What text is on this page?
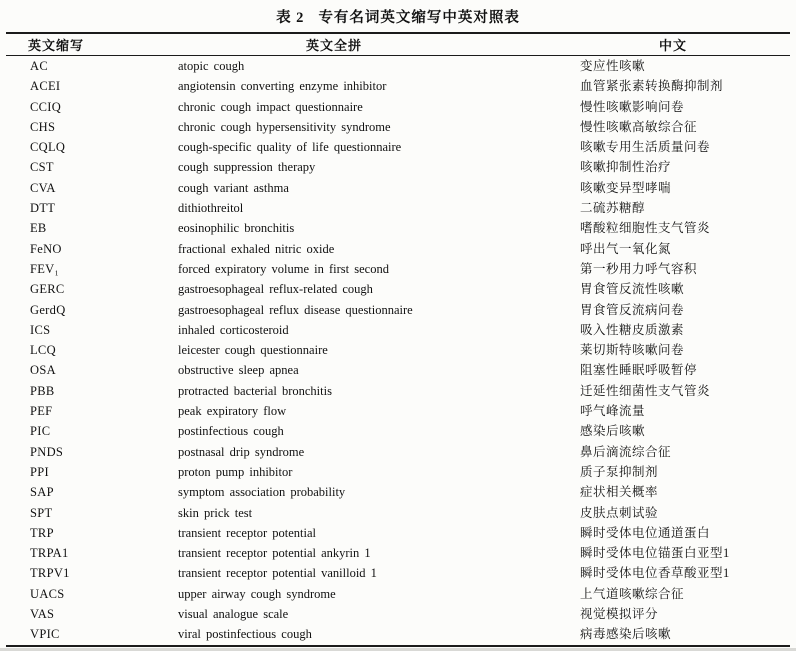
表 2 专有名词英文缩写中英对照表
英文缩写	英文全拼	中文
AC	atopic cough	变应性咳嗽
ACEI	angiotensin converting enzyme inhibitor	血管紧张素转换酶抑制剂
CCIQ	chronic cough impact questionnaire	慢性咳嗽影响问卷
CHS	chronic cough hypersensitivity syndrome	慢性咳嗽高敏综合征
CQLQ	cough-specific quality of life questionnaire	咳嗽专用生活质量问卷
CST	cough suppression therapy	咳嗽抑制性治疗
CVA	cough variant asthma	咳嗽变异型哮喘
DTT	dithiothreitol	二硫苏糖醇
EB	eosinophilic bronchitis	嗜酸粒细胞性支气管炎
FeNO	fractional exhaled nitric oxide	呼出气一氧化氮
FEV₁	forced expiratory volume in first second	第一秒用力呼气容积
GERC	gastroesophageal reflux-related cough	胃食管反流性咳嗽
GerdQ	gastroesophageal reflux disease questionnaire	胃食管反流病问卷
ICS	inhaled corticosteroid	吸入性糖皮质激素
LCQ	leicester cough questionnaire	莱切斯特咳嗽问卷
OSA	obstructive sleep apnea	阻塞性睡眠呼吸暂停
PBB	protracted bacterial bronchitis	迁延性细菌性支气管炎
PEF	peak expiratory flow	呼气峰流量
PIC	postinfectious cough	感染后咳嗽
PNDS	postnasal drip syndrome	鼻后滴流综合征
PPI	proton pump inhibitor	质子泵抑制剂
SAP	symptom association probability	症状相关概率
SPT	skin prick test	皮肤点刺试验
TRP	transient receptor potential	瞬时受体电位通道蛋白
TRPA1	transient receptor potential ankyrin 1	瞬时受体电位锚蛋白亚型1
TRPV1	transient receptor potential vanilloid 1	瞬时受体电位香草酸亚型1
UACS	upper airway cough syndrome	上气道咳嗽综合征
VAS	visual analogue scale	视觉模拟评分
VPIC	viral postinfectious cough	病毒感染后咳嗽
